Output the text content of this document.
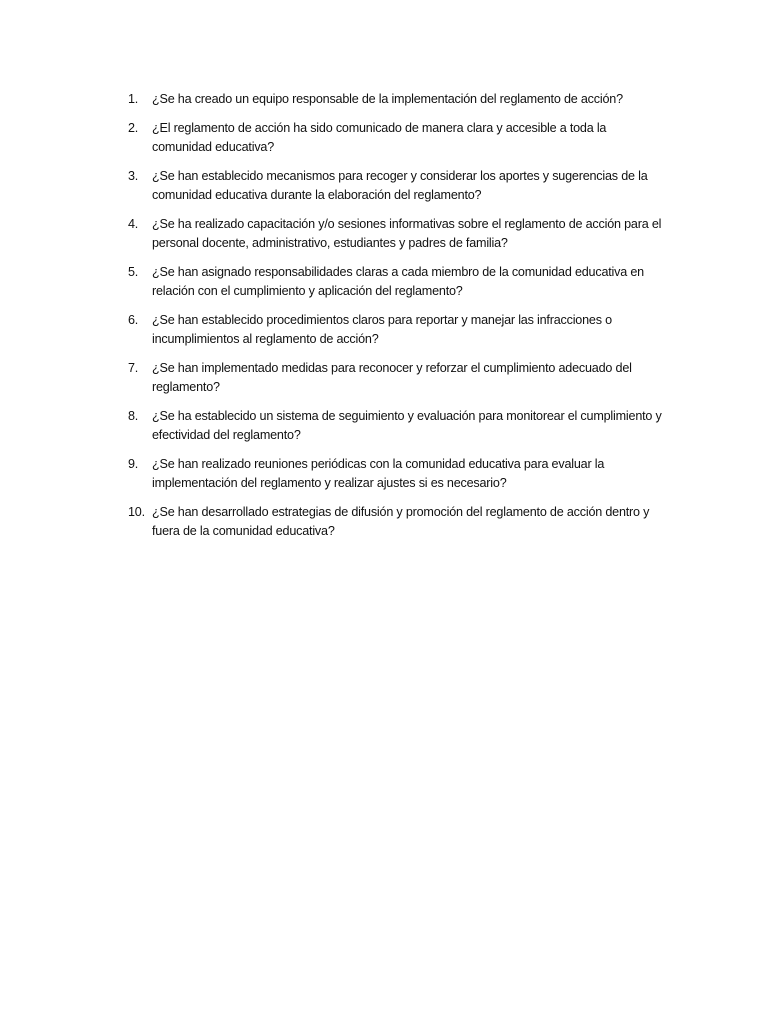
1. ¿Se ha creado un equipo responsable de la implementación del reglamento de acción?
2. ¿El reglamento de acción ha sido comunicado de manera clara y accesible a toda la comunidad educativa?
3. ¿Se han establecido mecanismos para recoger y considerar los aportes y sugerencias de la comunidad educativa durante la elaboración del reglamento?
4. ¿Se ha realizado capacitación y/o sesiones informativas sobre el reglamento de acción para el personal docente, administrativo, estudiantes y padres de familia?
5. ¿Se han asignado responsabilidades claras a cada miembro de la comunidad educativa en relación con el cumplimiento y aplicación del reglamento?
6. ¿Se han establecido procedimientos claros para reportar y manejar las infracciones o incumplimientos al reglamento de acción?
7. ¿Se han implementado medidas para reconocer y reforzar el cumplimiento adecuado del reglamento?
8. ¿Se ha establecido un sistema de seguimiento y evaluación para monitorear el cumplimiento y efectividad del reglamento?
9. ¿Se han realizado reuniones periódicas con la comunidad educativa para evaluar la implementación del reglamento y realizar ajustes si es necesario?
10. ¿Se han desarrollado estrategias de difusión y promoción del reglamento de acción dentro y fuera de la comunidad educativa?
